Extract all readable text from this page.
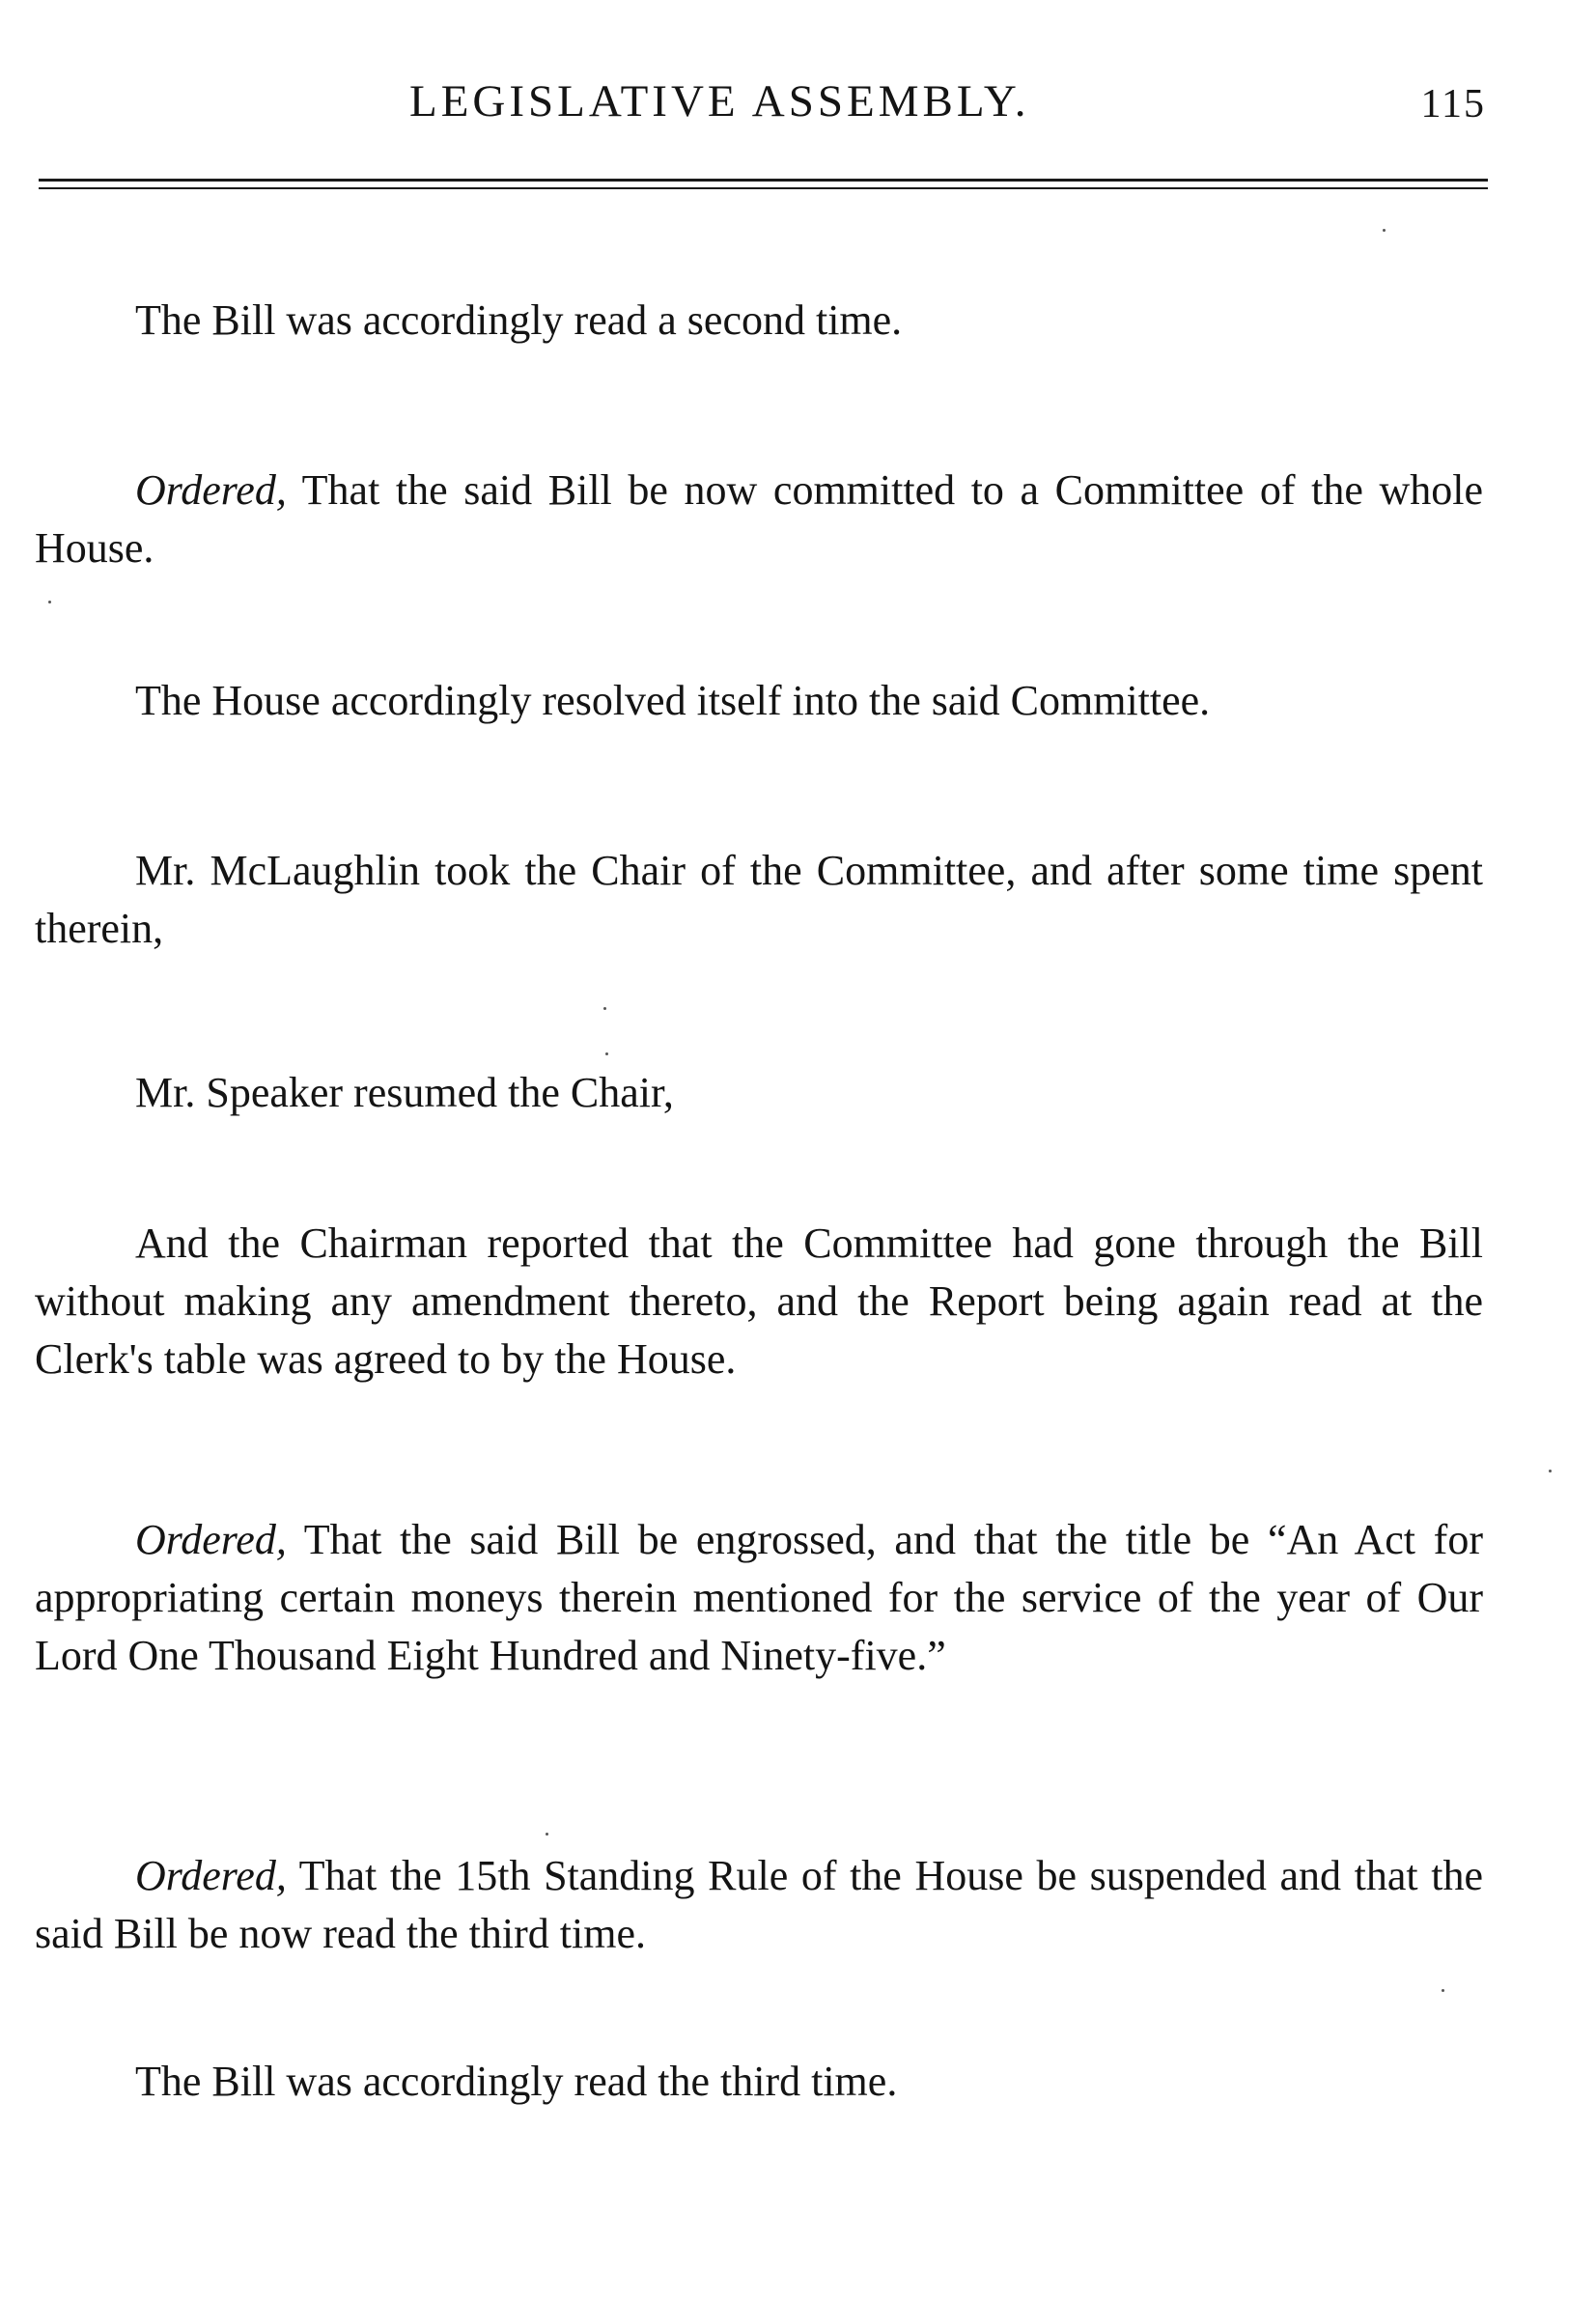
LEGISLATIVE ASSEMBLY.	115

The Bill was accordingly read a second time.

Ordered, That the said Bill be now committed to a Committee of the whole House.

The House accordingly resolved itself into the said Committee.

Mr. McLaughlin took the Chair of the Committee, and after some time spent therein,

Mr. Speaker resumed the Chair,

And the Chairman reported that the Committee had gone through the Bill without making any amendment thereto, and the Report being again read at the Clerk's table was agreed to by the House.

Ordered, That the said Bill be engrossed, and that the title be “An Act for appropriating certain moneys therein mentioned for the service of the year of Our Lord One Thousand Eight Hundred and Ninety-five.”

Ordered, That the 15th Standing Rule of the House be suspended and that the said Bill be now read the third time.

The Bill was accordingly read the third time.
